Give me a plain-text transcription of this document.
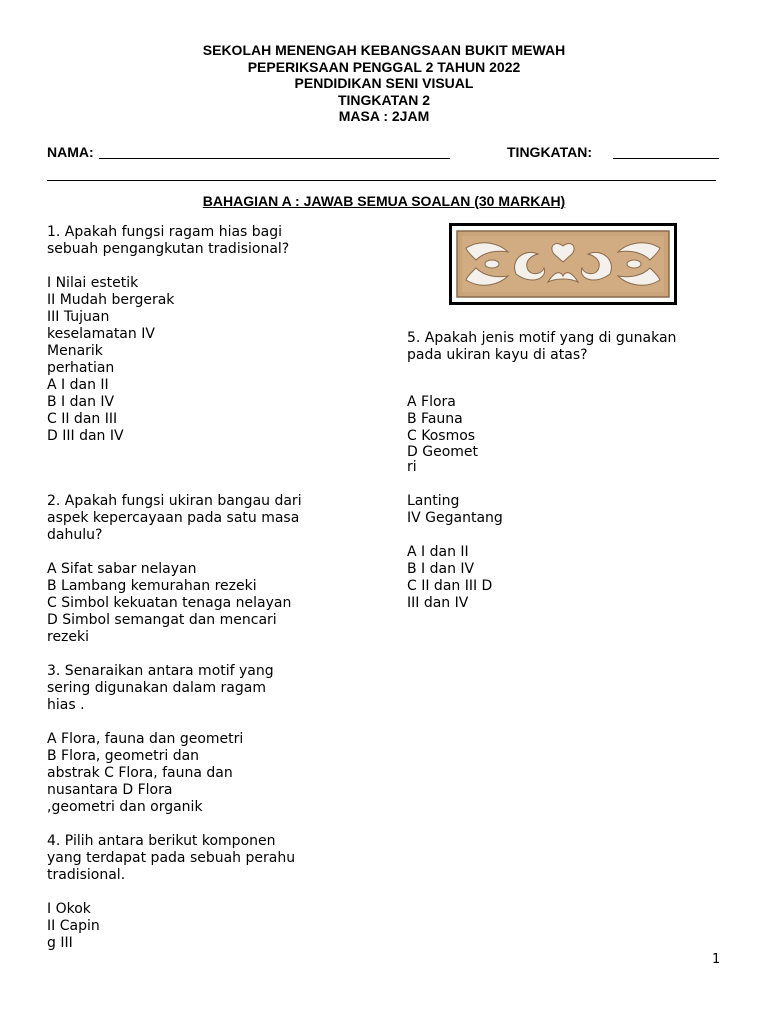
SEKOLAH MENENGAH KEBANGSAAN BUKIT MEWAH
PEPERIKSAAN PENGGAL 2 TAHUN 2022
PENDIDIKAN SENI VISUAL
TINGKATAN 2
MASA : 2JAM
NAMA:	TINGKATAN:
BAHAGIAN A : JAWAB SEMUA SOALAN (30 MARKAH)
1. Apakah fungsi ragam hias bagi
sebuah pengangkutan tradisional?
I Nilai estetik
II Mudah bergerak
III Tujuan
keselamatan IV
Menarik
perhatian
A I dan II
B I dan IV
C II dan III
D III dan IV
2. Apakah fungsi ukiran bangau dari
aspek kepercayaan pada satu masa
dahulu?
A Sifat sabar nelayan
B Lambang kemurahan rezeki
C Simbol kekuatan tenaga nelayan
D Simbol semangat dan mencari
rezeki
3. Senaraikan antara motif yang
sering digunakan dalam ragam
hias .
A Flora, fauna dan geometri
B Flora, geometri dan
abstrak C Flora, fauna dan
nusantara D Flora
,geometri dan organik
4. Pilih antara berikut komponen
yang terdapat pada sebuah perahu
tradisional.
I Okok
II Capin
g III
5. Apakah jenis motif yang di gunakan
pada ukiran kayu di atas?
A Flora
B Fauna
C Kosmos
D Geomet
ri
Lanting
IV Gegantang
A I dan II
B I dan IV
C II dan III D
III dan IV
1
